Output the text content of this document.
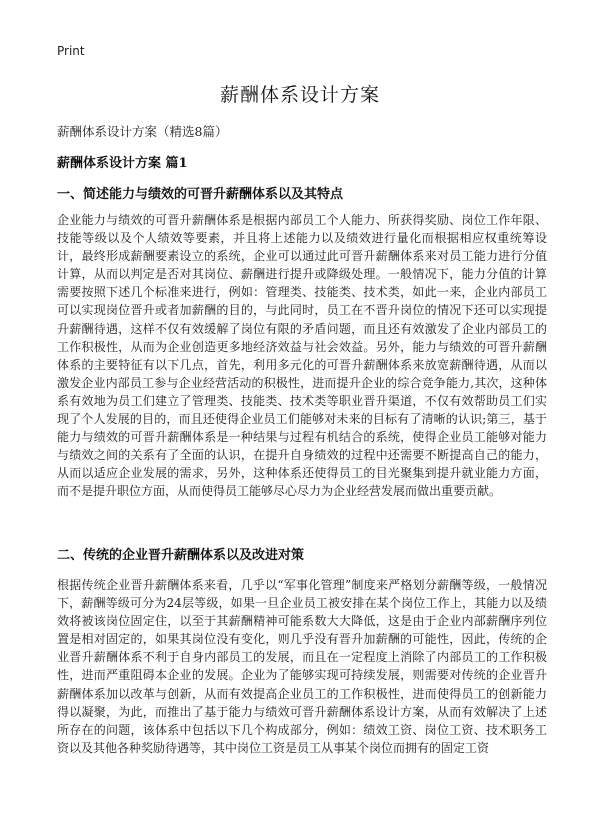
Print
薪酬体系设计方案
薪酬体系设计方案（精选8篇）
薪酬体系设计方案 篇1
一、简述能力与绩效的可晋升薪酬体系以及其特点

企业能力与绩效的可晋升薪酬体系是根据内部员工个人能力、所获得奖励、岗位工作年限、技能等级以及个人绩效等要素，并且将上述能力以及绩效进行量化而根据相应权重统筹设计，最终形成薪酬要素设立的系统，企业可以通过此可晋升薪酬体系来对员工能力进行分值计算，从而以判定是否对其岗位、薪酬进行提升或降级处理。一般情况下，能力分值的计算需要按照下述几个标准来进行，例如：管理类、技能类、技术类，如此一来，企业内部员工可以实现岗位晋升或者加薪酬的目的，与此同时，员工在不晋升岗位的情况下还可以实现提升薪酬待遇，这样不仅有效缓解了岗位有限的矛盾问题，而且还有效激发了企业内部员工的工作积极性，从而为企业创造更多地经济效益与社会效益。另外，能力与绩效的可晋升薪酬体系的主要特征有以下几点，首先，利用多元化的可晋升薪酬体系来放宽薪酬待遇，从而以激发企业内部员工参与企业经营活动的积极性，进而提升企业的综合竞争能力,其次，这种体系有效地为员工们建立了管理类、技能类、技术类等职业晋升渠道，不仅有效帮助员工们实现了个人发展的目的，而且还使得企业员工们能够对未来的目标有了清晰的认识;第三，基于能力与绩效的可晋升薪酬体系是一种结果与过程有机结合的系统，使得企业员工能够对能力与绩效之间的关系有了全面的认识，在提升自身绩效的过程中还需要不断提高自己的能力，从而以适应企业发展的需求，另外，这种体系还使得员工的目光聚集到提升就业能力方面，而不是提升职位方面，从而使得员工能够尽心尽力为企业经营发展而做出重要贡献。

二、传统的企业晋升薪酬体系以及改进对策

根据传统企业晋升薪酬体系来看，几乎以“军事化管理”制度来严格划分薪酬等级，一般情况下，薪酬等级可分为24层等级，如果一旦企业员工被安排在某个岗位工作上，其能力以及绩效将被该岗位固定住，以至于其薪酬精神可能系数大大降低，这是由于企业内部薪酬序列位置是相对固定的，如果其岗位没有变化，则几乎没有晋升加薪酬的可能性，因此，传统的企业晋升薪酬体系不利于自身内部员工的发展，而且在一定程度上消除了内部员工的工作积极性，进而严重阻碍本企业的发展。企业为了能够实现可持续发展，则需要对传统的企业晋升薪酬体系加以改革与创新，从而有效提高企业员工的工作积极性，进而使得员工的创新能力得以凝聚，为此，而推出了基于能力与绩效可晋升薪酬体系设计方案，从而有效解决了上述所存在的问题，该体系中包括以下几个构成部分，例如：绩效工资、岗位工资、技术职务工资以及其他各种奖励待遇等，其中岗位工资是员工从事某个岗位而拥有的固定工资
